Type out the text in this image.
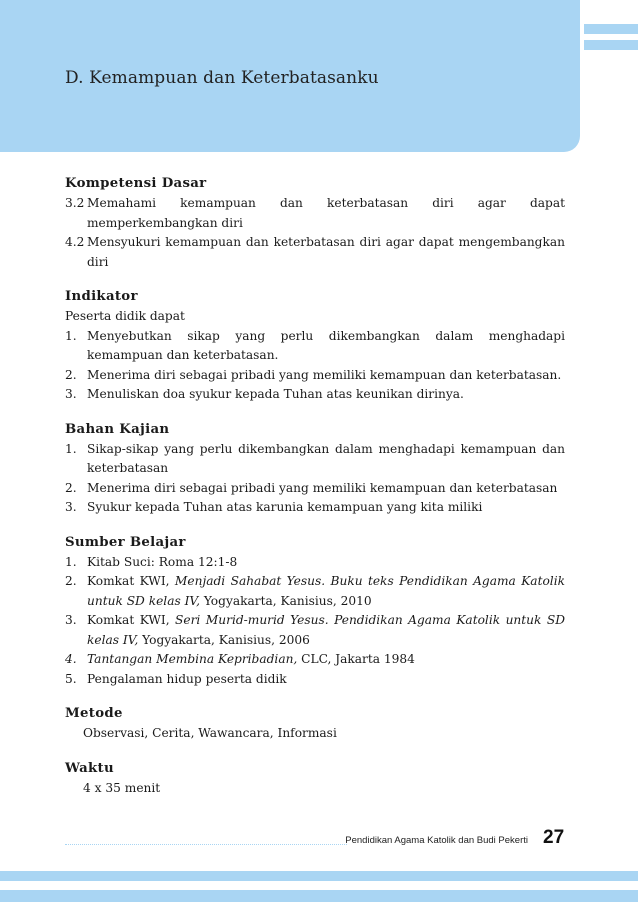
D. Kemampuan dan Keterbatasanku
Kompetensi Dasar
3.2 Memahami kemampuan dan keterbatasan diri agar dapat memperkembangkan diri
4.2 Mensyukuri kemampuan dan keterbatasan diri agar dapat mengembangkan diri
Indikator
Peserta didik dapat
1. Menyebutkan sikap yang perlu dikembangkan dalam menghadapi kemampuan dan keterbatasan.
2. Menerima diri sebagai pribadi yang memiliki kemampuan dan keterbatasan.
3. Menuliskan doa syukur kepada Tuhan atas keunikan dirinya.
Bahan Kajian
1. Sikap-sikap yang perlu dikembangkan dalam menghadapi kemampuan dan keterbatasan
2. Menerima diri sebagai pribadi yang memiliki kemampuan dan keterbatasan
3. Syukur kepada Tuhan atas karunia kemampuan yang kita miliki
Sumber Belajar
1. Kitab Suci: Roma 12:1-8
2. Komkat KWI, Menjadi Sahabat Yesus. Buku teks Pendidikan Agama Katolik untuk SD kelas IV, Yogyakarta, Kanisius, 2010
3. Komkat KWI, Seri Murid-murid Yesus. Pendidikan Agama Katolik untuk SD kelas IV, Yogyakarta, Kanisius, 2006
4. Tantangan Membina Kepribadian, CLC, Jakarta 1984
5. Pengalaman hidup peserta didik
Metode
Observasi, Cerita, Wawancara, Informasi
Waktu
4 x 35 menit
Pendidikan Agama Katolik dan Budi Pekerti 27
